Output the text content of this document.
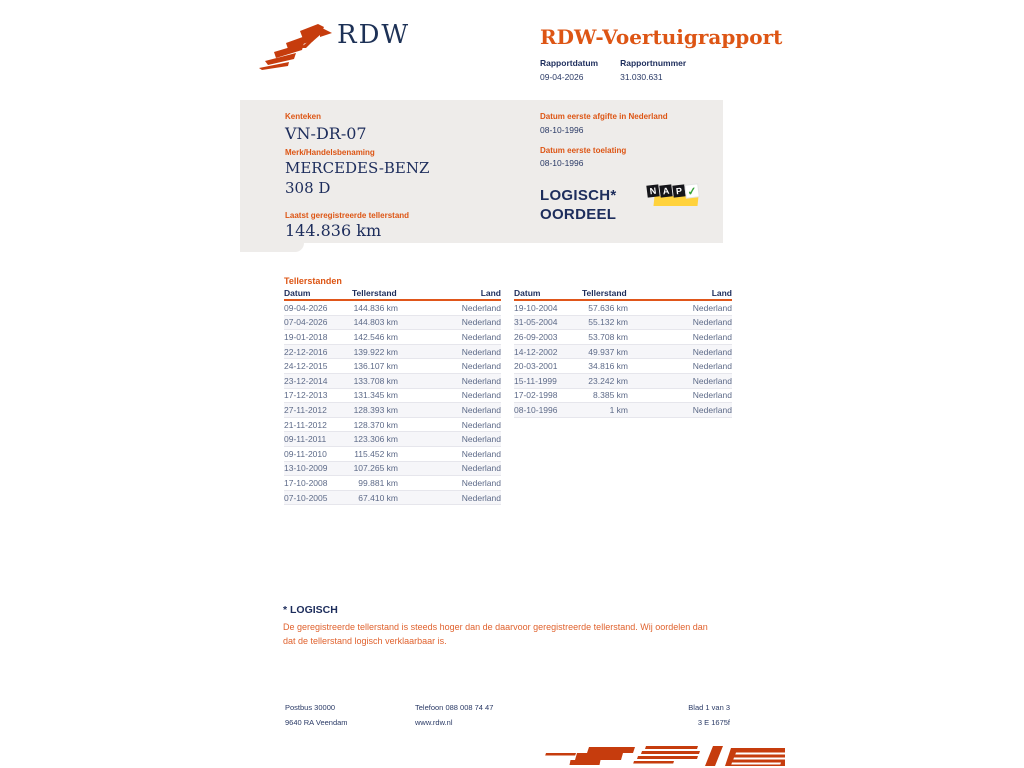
RDW	RDW-Voertuigrapport
Rapportdatum
09-04-2026
Rapportnummer
31.030.631
Kenteken
VN-DR-07
Merk/Handelsbenaming
MERCEDES-BENZ
308 D
Laatst geregistreerde tellerstand
144.836 km
Datum eerste afgifte in Nederland
08-10-1996
Datum eerste toelating
08-10-1996
LOGISCH*
OORDEEL
N A P ✓
Tellerstanden
Datum	Tellerstand	Land
09-04-2026	144.836 km	Nederland
07-04-2026	144.803 km	Nederland
19-01-2018	142.546 km	Nederland
22-12-2016	139.922 km	Nederland
24-12-2015	136.107 km	Nederland
23-12-2014	133.708 km	Nederland
17-12-2013	131.345 km	Nederland
27-11-2012	128.393 km	Nederland
21-11-2012	128.370 km	Nederland
09-11-2011	123.306 km	Nederland
09-11-2010	115.452 km	Nederland
13-10-2009	107.265 km	Nederland
17-10-2008	99.881 km	Nederland
07-10-2005	67.410 km	Nederland
Datum	Tellerstand	Land
19-10-2004	57.636 km	Nederland
31-05-2004	55.132 km	Nederland
26-09-2003	53.708 km	Nederland
14-12-2002	49.937 km	Nederland
20-03-2001	34.816 km	Nederland
15-11-1999	23.242 km	Nederland
17-02-1998	8.385 km	Nederland
08-10-1996	1 km	Nederland
* LOGISCH
De geregistreerde tellerstand is steeds hoger dan de daarvoor geregistreerde tellerstand. Wij oordelen dan dat de tellerstand logisch verklaarbaar is.
Postbus 30000
9640 RA Veendam
Telefoon 088 008 74 47
www.rdw.nl
Blad 1 van 3
3 E 1675f
